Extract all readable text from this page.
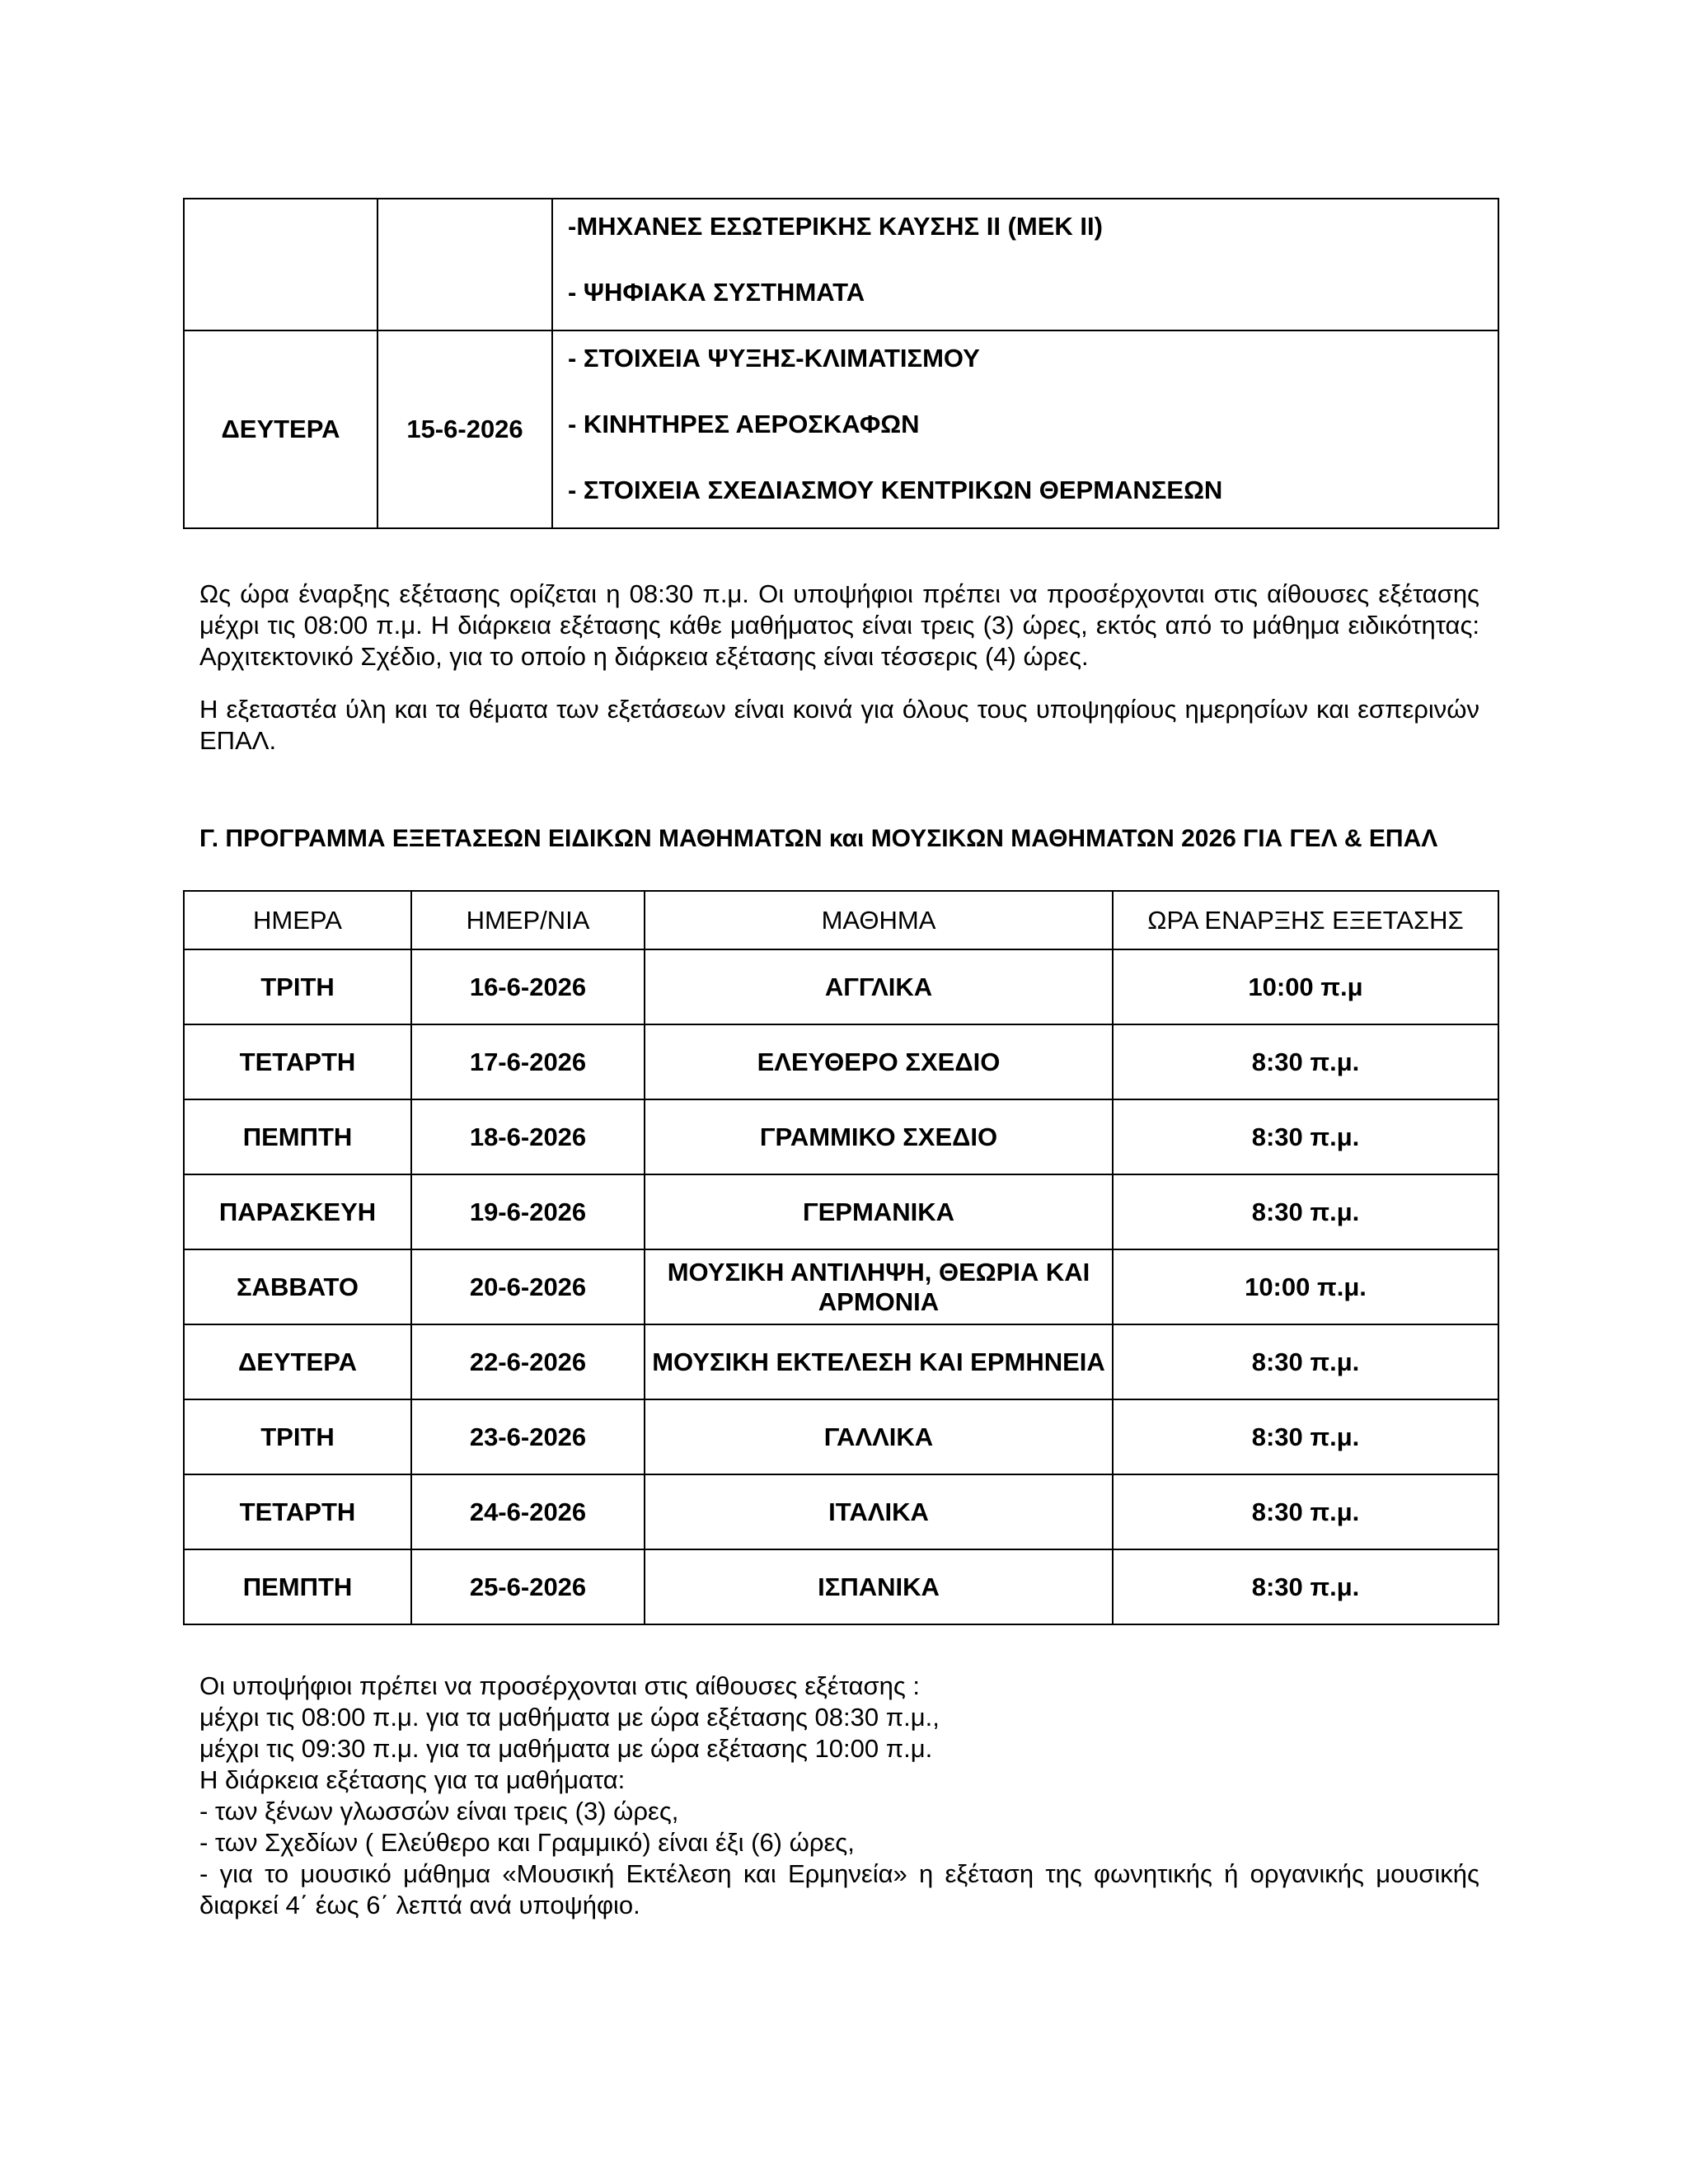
		-ΜΗΧΑΝΕΣ ΕΣΩΤΕΡΙΚΗΣ ΚΑΥΣΗΣ ΙΙ (ΜΕΚ ΙΙ)
- ΨΗΦΙΑΚΑ ΣΥΣΤΗΜΑΤΑ

ΔΕΥΤΕΡΑ	15-6-2026	- ΣΤΟΙΧΕΙΑ ΨΥΞΗΣ-ΚΛΙΜΑΤΙΣΜΟΥ
- ΚΙΝΗΤΗΡΕΣ ΑΕΡΟΣΚΑΦΩΝ
- ΣΤΟΙΧΕΙΑ ΣΧΕΔΙΑΣΜΟΥ ΚΕΝΤΡΙΚΩΝ ΘΕΡΜΑΝΣΕΩΝ
Ως ώρα έναρξης εξέτασης ορίζεται η 08:30 π.μ. Οι υποψήφιοι πρέπει να προσέρχονται στις αίθουσες εξέτασης μέχρι τις 08:00 π.μ. Η διάρκεια εξέτασης κάθε μαθήματος είναι τρεις (3) ώρες, εκτός από το μάθημα ειδικότητας: Αρχιτεκτονικό Σχέδιο, για το οποίο η διάρκεια εξέτασης είναι τέσσερις (4) ώρες.
Η εξεταστέα ύλη και τα θέματα των εξετάσεων είναι κοινά για όλους τους υποψηφίους ημερησίων και εσπερινών ΕΠΑΛ.
Γ. ΠΡΟΓΡΑΜΜΑ ΕΞΕΤΑΣΕΩΝ ΕΙΔΙΚΩΝ ΜΑΘΗΜΑΤΩΝ και ΜΟΥΣΙΚΩΝ ΜΑΘΗΜΑΤΩΝ 2026 ΓΙΑ ΓΕΛ & ΕΠΑΛ
ΗΜΕΡΑ	ΗΜΕΡ/ΝΙΑ	ΜΑΘΗΜΑ	ΩΡΑ ΕΝΑΡΞΗΣ ΕΞΕΤΑΣΗΣ
ΤΡΙΤΗ	16-6-2026	ΑΓΓΛΙΚΑ	10:00 π.μ
ΤΕΤΑΡΤΗ	17-6-2026	ΕΛΕΥΘΕΡΟ ΣΧΕΔΙΟ	8:30 π.μ.
ΠΕΜΠΤΗ	18-6-2026	ΓΡΑΜΜΙΚΟ ΣΧΕΔΙΟ	8:30 π.μ.
ΠΑΡΑΣΚΕΥΗ	19-6-2026	ΓΕΡΜΑΝΙΚΑ	8:30 π.μ.
ΣΑΒΒΑΤΟ	20-6-2026	ΜΟΥΣΙΚΗ ΑΝΤΙΛΗΨΗ, ΘΕΩΡΙΑ ΚΑΙ ΑΡΜΟΝΙΑ	10:00 π.μ.
ΔΕΥΤΕΡΑ	22-6-2026	ΜΟΥΣΙΚΗ ΕΚΤΕΛΕΣΗ ΚΑΙ ΕΡΜΗΝΕΙΑ	8:30 π.μ.
ΤΡΙΤΗ	23-6-2026	ΓΑΛΛΙΚΑ	8:30 π.μ.
ΤΕΤΑΡΤΗ	24-6-2026	ΙΤΑΛΙΚΑ	8:30 π.μ.
ΠΕΜΠΤΗ	25-6-2026	ΙΣΠΑΝΙΚΑ	8:30 π.μ.
Οι υποψήφιοι πρέπει να προσέρχονται στις αίθουσες εξέτασης :
μέχρι τις 08:00 π.μ. για τα μαθήματα με ώρα εξέτασης 08:30 π.μ.,
μέχρι τις 09:30 π.μ. για τα μαθήματα με ώρα εξέτασης 10:00 π.μ.
Η διάρκεια εξέτασης για τα μαθήματα:
- των ξένων γλωσσών είναι τρεις (3) ώρες,
- των Σχεδίων ( Ελεύθερο και Γραμμικό) είναι έξι (6) ώρες,
- για το μουσικό μάθημα «Μουσική Εκτέλεση και Ερμηνεία» η εξέταση της φωνητικής ή οργανικής μουσικής διαρκεί 4΄ έως 6΄ λεπτά ανά υποψήφιο.
